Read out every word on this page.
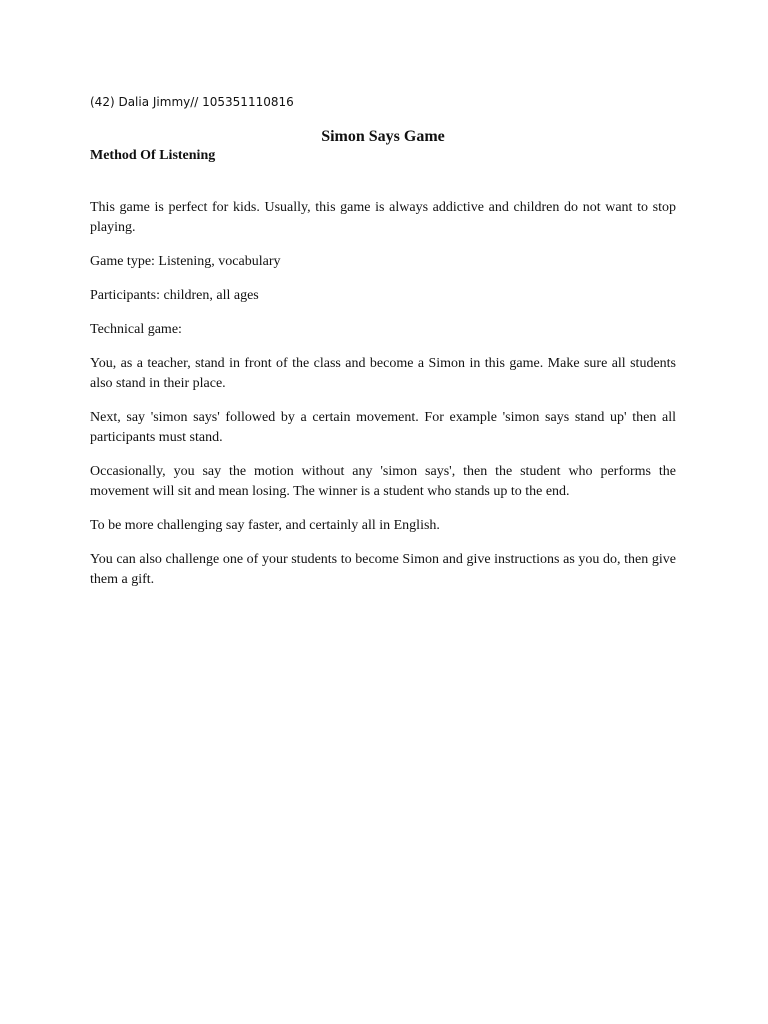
(42) Dalia Jimmy// 105351110816
Simon Says Game
Method Of Listening

This game is perfect for kids. Usually, this game is always addictive and children do not want to stop playing.

Game type: Listening, vocabulary

Participants: children, all ages

Technical game:

You, as a teacher, stand in front of the class and become a Simon in this game. Make sure all students also stand in their place.

Next, say 'simon says' followed by a certain movement. For example 'simon says stand up' then all participants must stand.

Occasionally, you say the motion without any 'simon says', then the student who performs the movement will sit and mean losing. The winner is a student who stands up to the end.

To be more challenging say faster, and certainly all in English.

You can also challenge one of your students to become Simon and give instructions as you do, then give them a gift.
